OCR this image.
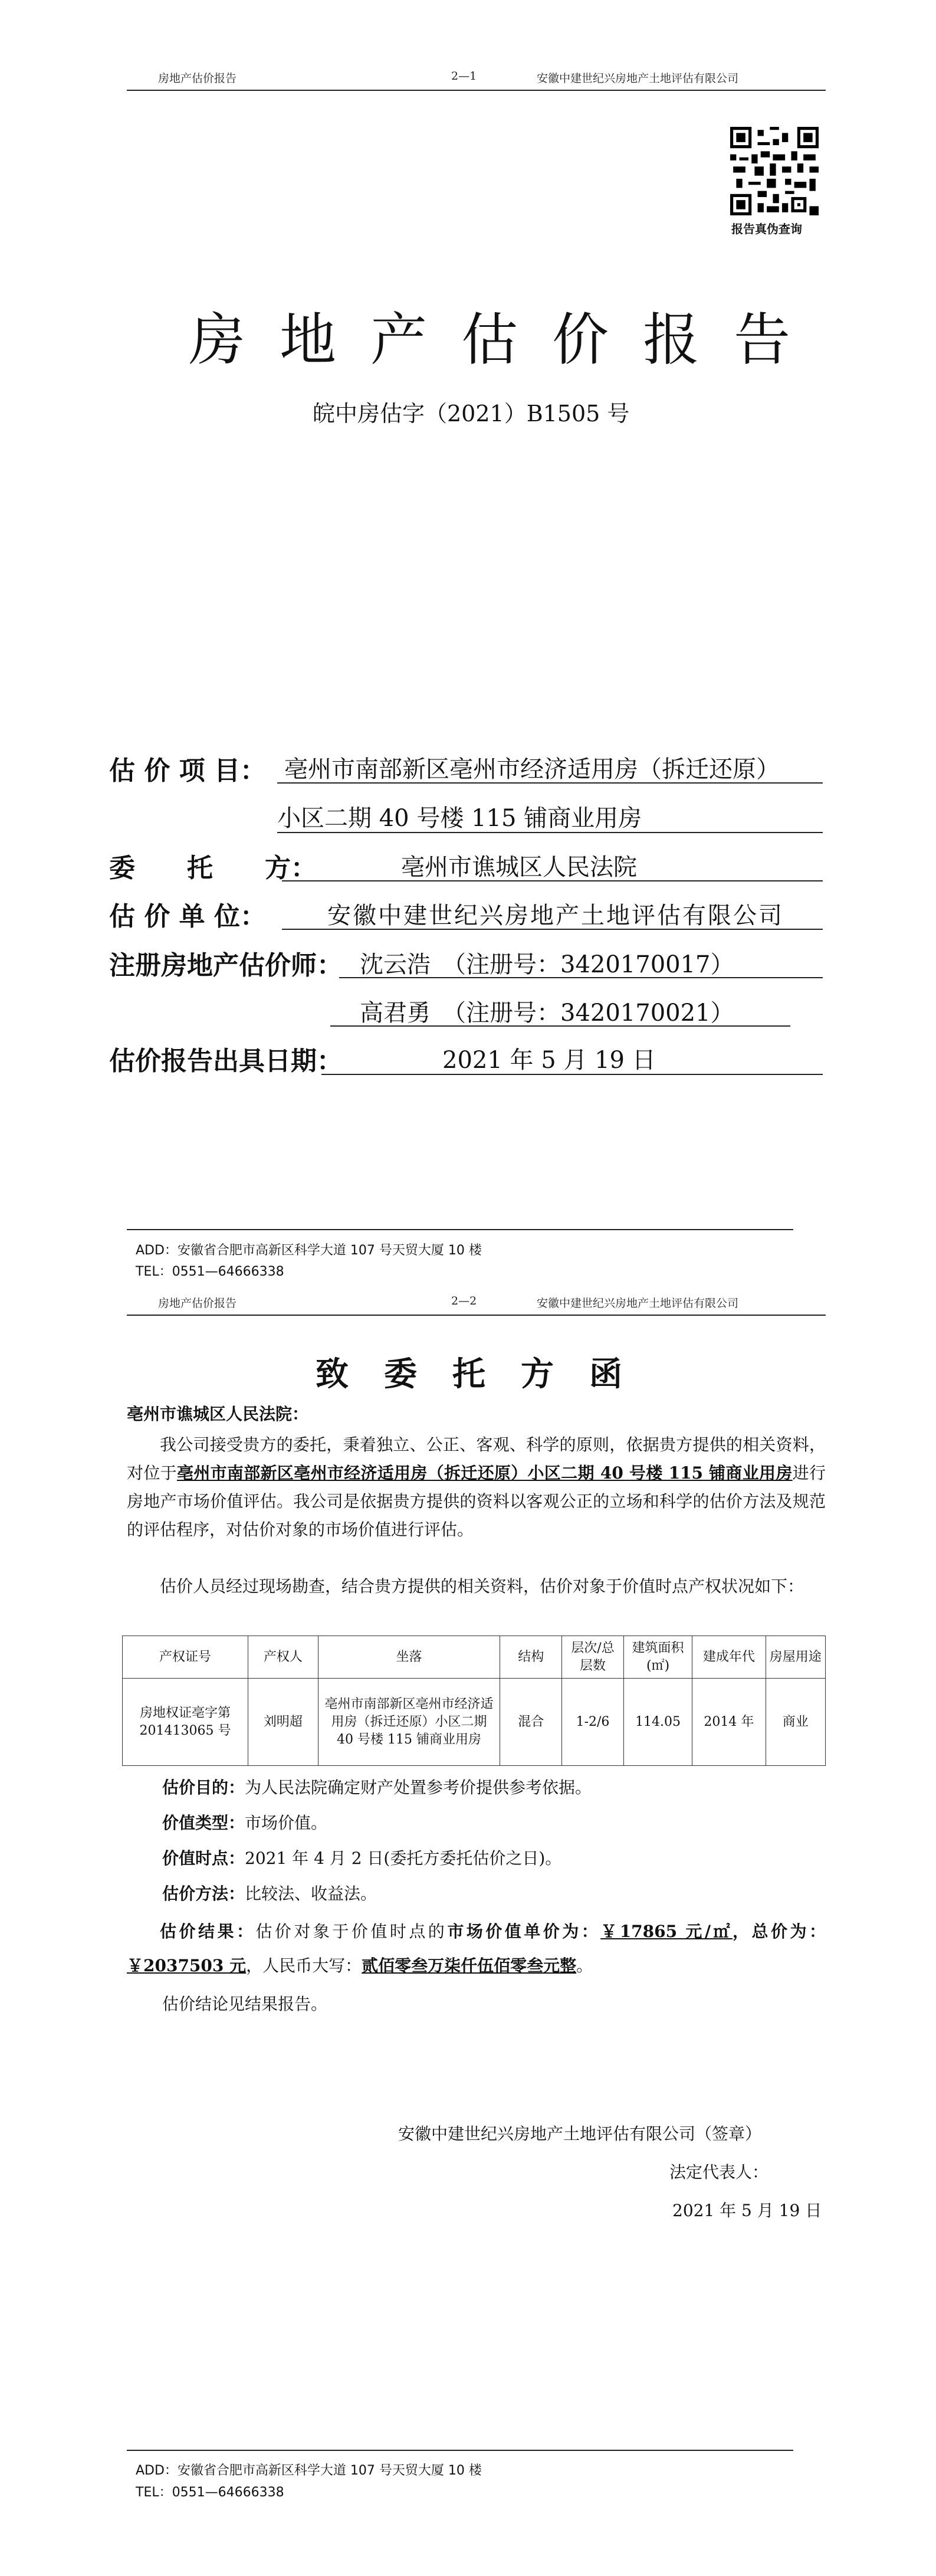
房地产估价报告	2—1	安徽中建世纪兴房地产土地评估有限公司
报告真伪查询
房地产估价报告
皖中房估字（2021）B1505 号
估 价 项 目： 亳州市南部新区亳州市经济适用房（拆迁还原）
小区二期 40 号楼 115 铺商业用房
委　　托　　方：	亳州市谯城区人民法院
估 价 单 位：	安徽中建世纪兴房地产土地评估有限公司
注册房地产估价师： 沈云浩　（注册号：3420170017）
高君勇　（注册号：3420170021）
估价报告出具日期：	2021 年 5 月 19 日
ADD：安徽省合肥市高新区科学大道 107 号天贸大厦 10 楼
TEL：0551—64666338
房地产估价报告	2—2	安徽中建世纪兴房地产土地评估有限公司
致委托方函
亳州市谯城区人民法院：
我公司接受贵方的委托，秉着独立、公正、客观、科学的原则，依据贵方提供的相关资料，对位于亳州市南部新区亳州市经济适用房（拆迁还原）小区二期 40 号楼 115 铺商业用房进行房地产市场价值评估。我公司是依据贵方提供的资料以客观公正的立场和科学的估价方法及规范的评估程序，对估价对象的市场价值进行评估。
估价人员经过现场勘查，结合贵方提供的相关资料，估价对象于价值时点产权状况如下：
产权证号	产权人	坐落	结构	层次/总层数	建筑面积(㎡)	建成年代	房屋用途
房地权证亳字第201413065 号	刘明超	亳州市南部新区亳州市经济适用房（拆迁还原）小区二期 40 号楼 115 铺商业用房	混合	1-2/6	114.05	2014 年	商业
估价目的：为人民法院确定财产处置参考价提供参考依据。
价值类型：市场价值。
价值时点：2021 年 4 月 2 日(委托方委托估价之日)。
估价方法：比较法、收益法。
估价结果：估价对象于价值时点的市场价值单价为：￥17865 元/㎡，总价为：￥2037503 元，人民币大写：贰佰零叁万柒仟伍佰零叁元整。
估价结论见结果报告。
安徽中建世纪兴房地产土地评估有限公司（签章）
法定代表人：
2021 年 5 月 19 日
ADD：安徽省合肥市高新区科学大道 107 号天贸大厦 10 楼
TEL：0551—64666338
